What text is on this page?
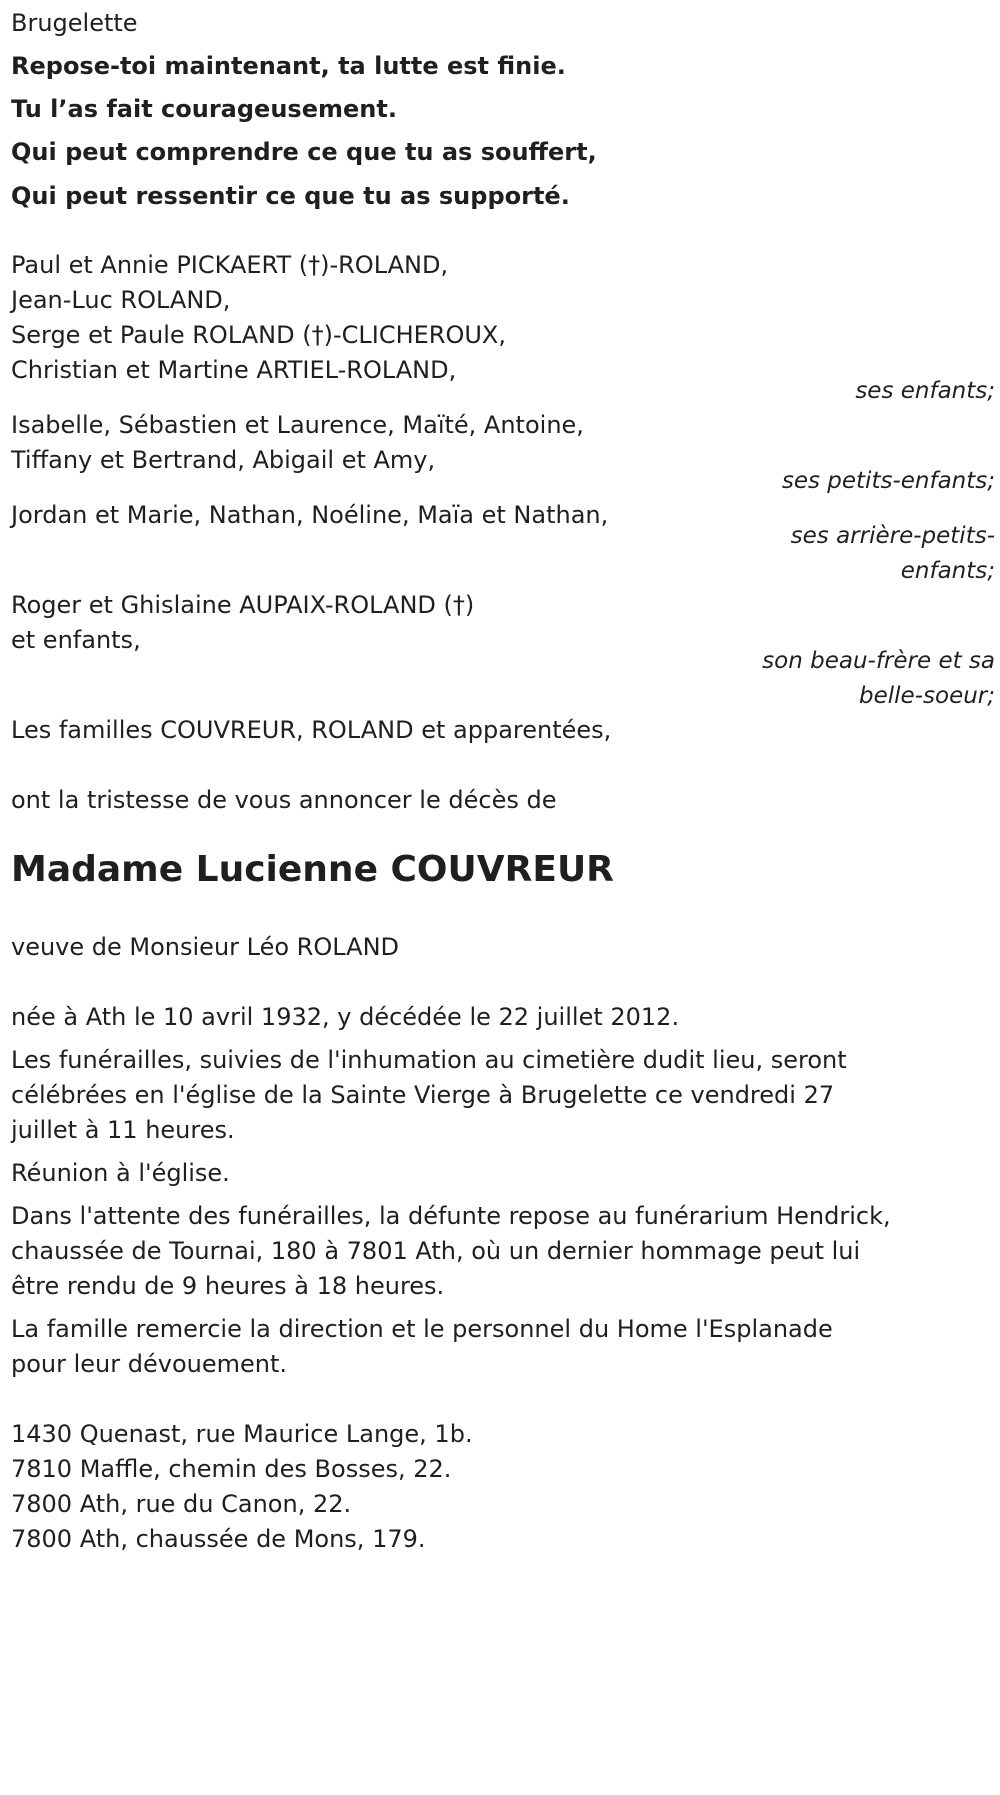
Brugelette
Repose-toi maintenant, ta lutte est finie.
Tu l’as fait courageusement.
Qui peut comprendre ce que tu as souffert,
Qui peut ressentir ce que tu as supporté.
Paul et Annie PICKAERT (†)-ROLAND,
Jean-Luc ROLAND,
Serge et Paule ROLAND (†)-CLICHEROUX,
Christian et Martine ARTIEL-ROLAND,
ses enfants;
Isabelle, Sébastien et Laurence, Maïté, Antoine,
Tiffany et Bertrand, Abigail et Amy,
ses petits-enfants;
Jordan et Marie, Nathan, Noéline, Maïa et Nathan,
ses arrière-petits-
enfants;
Roger et Ghislaine AUPAIX-ROLAND (†)
et enfants,
son beau-frère et sa
belle-soeur;
Les familles COUVREUR, ROLAND et apparentées,
ont la tristesse de vous annoncer le décès de
Madame Lucienne COUVREUR
veuve de Monsieur Léo ROLAND
née à Ath le 10 avril 1932, y décédée le 22 juillet 2012.
Les funérailles, suivies de l'inhumation au cimetière dudit lieu, seront
célébrées en l'église de la Sainte Vierge à Brugelette ce vendredi 27
juillet à 11 heures.
Réunion à l'église.
Dans l'attente des funérailles, la défunte repose au funérarium Hendrick,
chaussée de Tournai, 180 à 7801 Ath, où un dernier hommage peut lui
être rendu de 9 heures à 18 heures.
La famille remercie la direction et le personnel du Home l'Esplanade
pour leur dévouement.
1430 Quenast, rue Maurice Lange, 1b.
7810 Maffle, chemin des Bosses, 22.
7800 Ath, rue du Canon, 22.
7800 Ath, chaussée de Mons, 179.
